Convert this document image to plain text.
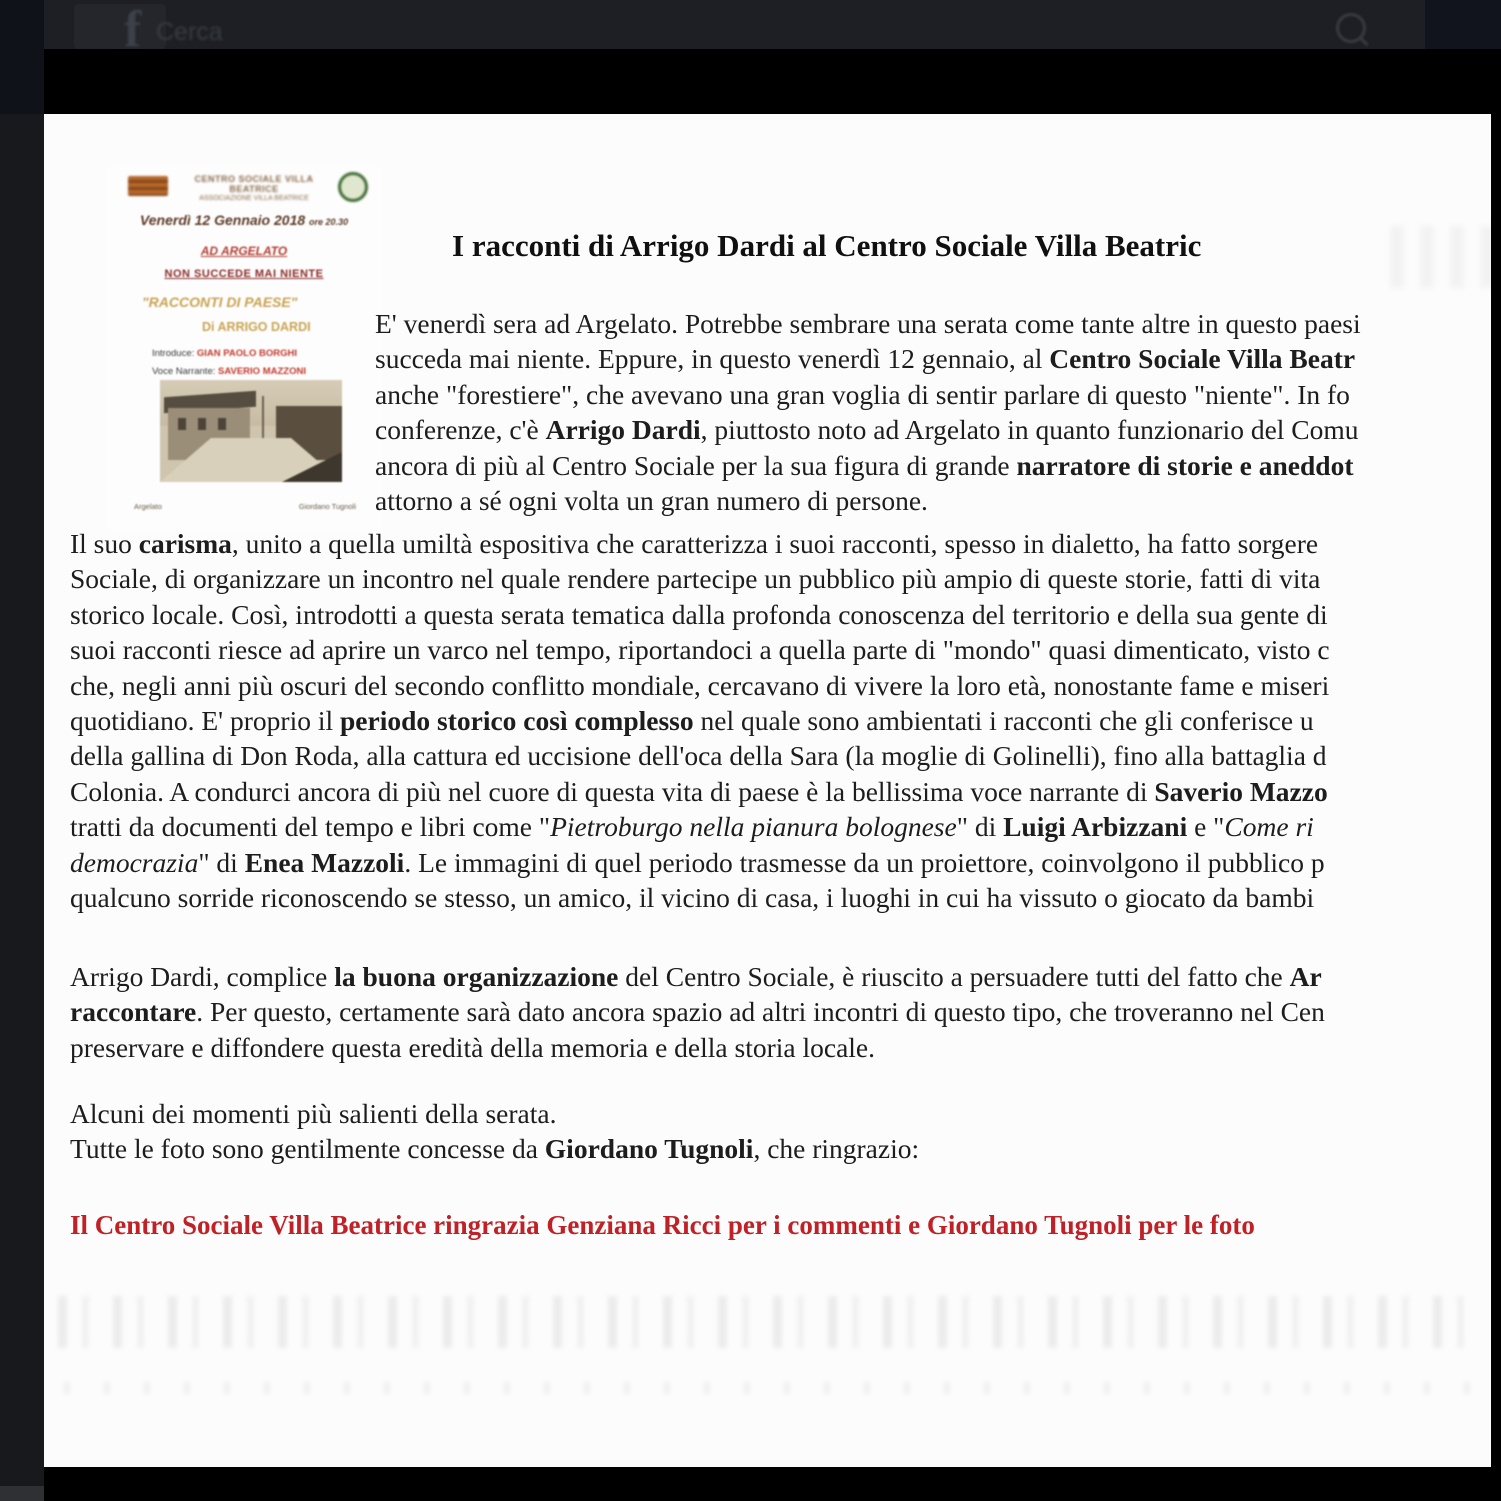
f Cerca
CENTRO SOCIALE VILLA BEATRICE
ASSOCIAZIONE VILLA BEATRICE
Venerdì 12 Gennaio 2018 ore 20.30
AD ARGELATO
NON SUCCEDE MAI NIENTE
"RACCONTI DI PAESE"
Di ARRIGO DARDI
Introduce: GIAN PAOLO BORGHI
Voce Narrante: SAVERIO MAZZONI
Argelato	Giordano Tugnoli
I racconti di Arrigo Dardi al Centro Sociale Villa Beatric
E' venerdì sera ad Argelato. Potrebbe sembrare una serata come tante altre in questo paesi
succeda mai niente. Eppure, in questo venerdì 12 gennaio, al Centro Sociale Villa Beatr
anche "forestiere", che avevano una gran voglia di sentir parlare di questo "niente". In fo
conferenze, c'è Arrigo Dardi, piuttosto noto ad Argelato in quanto funzionario del Comu
ancora di più al Centro Sociale per la sua figura di grande narratore di storie e aneddot
attorno a sé ogni volta un gran numero di persone.
Il suo carisma, unito a quella umiltà espositiva che caratterizza i suoi racconti, spesso in dialetto, ha fatto sorgere
Sociale, di organizzare un incontro nel quale rendere partecipe un pubblico più ampio di queste storie, fatti di vita
storico locale. Così, introdotti a questa serata tematica dalla profonda conoscenza del territorio e della sua gente di
suoi racconti riesce ad aprire un varco nel tempo, riportandoci a quella parte di "mondo" quasi dimenticato, visto c
che, negli anni più oscuri del secondo conflitto mondiale, cercavano di vivere la loro età, nonostante fame e miseri
quotidiano. E' proprio il periodo storico così complesso nel quale sono ambientati i racconti che gli conferisce u
della gallina di Don Roda, alla cattura ed uccisione dell'oca della Sara (la moglie di Golinelli), fino alla battaglia d
Colonia. A condurci ancora di più nel cuore di questa vita di paese è la bellissima voce narrante di Saverio Mazzo
tratti da documenti del tempo e libri come "Pietroburgo nella pianura bolognese" di Luigi Arbizzani e "Come ri
democrazia" di Enea Mazzoli. Le immagini di quel periodo trasmesse da un proiettore, coinvolgono il pubblico p
qualcuno sorride riconoscendo se stesso, un amico, il vicino di casa, i luoghi in cui ha vissuto o giocato da bambi
Arrigo Dardi, complice la buona organizzazione del Centro Sociale, è riuscito a persuadere tutti del fatto che Ar
raccontare. Per questo, certamente sarà dato ancora spazio ad altri incontri di questo tipo, che troveranno nel Cen
preservare e diffondere questa eredità della memoria e della storia locale.
Alcuni dei momenti più salienti della serata.
Tutte le foto sono gentilmente concesse da Giordano Tugnoli, che ringrazio:
Il Centro Sociale Villa Beatrice ringrazia Genziana Ricci per i commenti e Giordano Tugnoli per le foto
